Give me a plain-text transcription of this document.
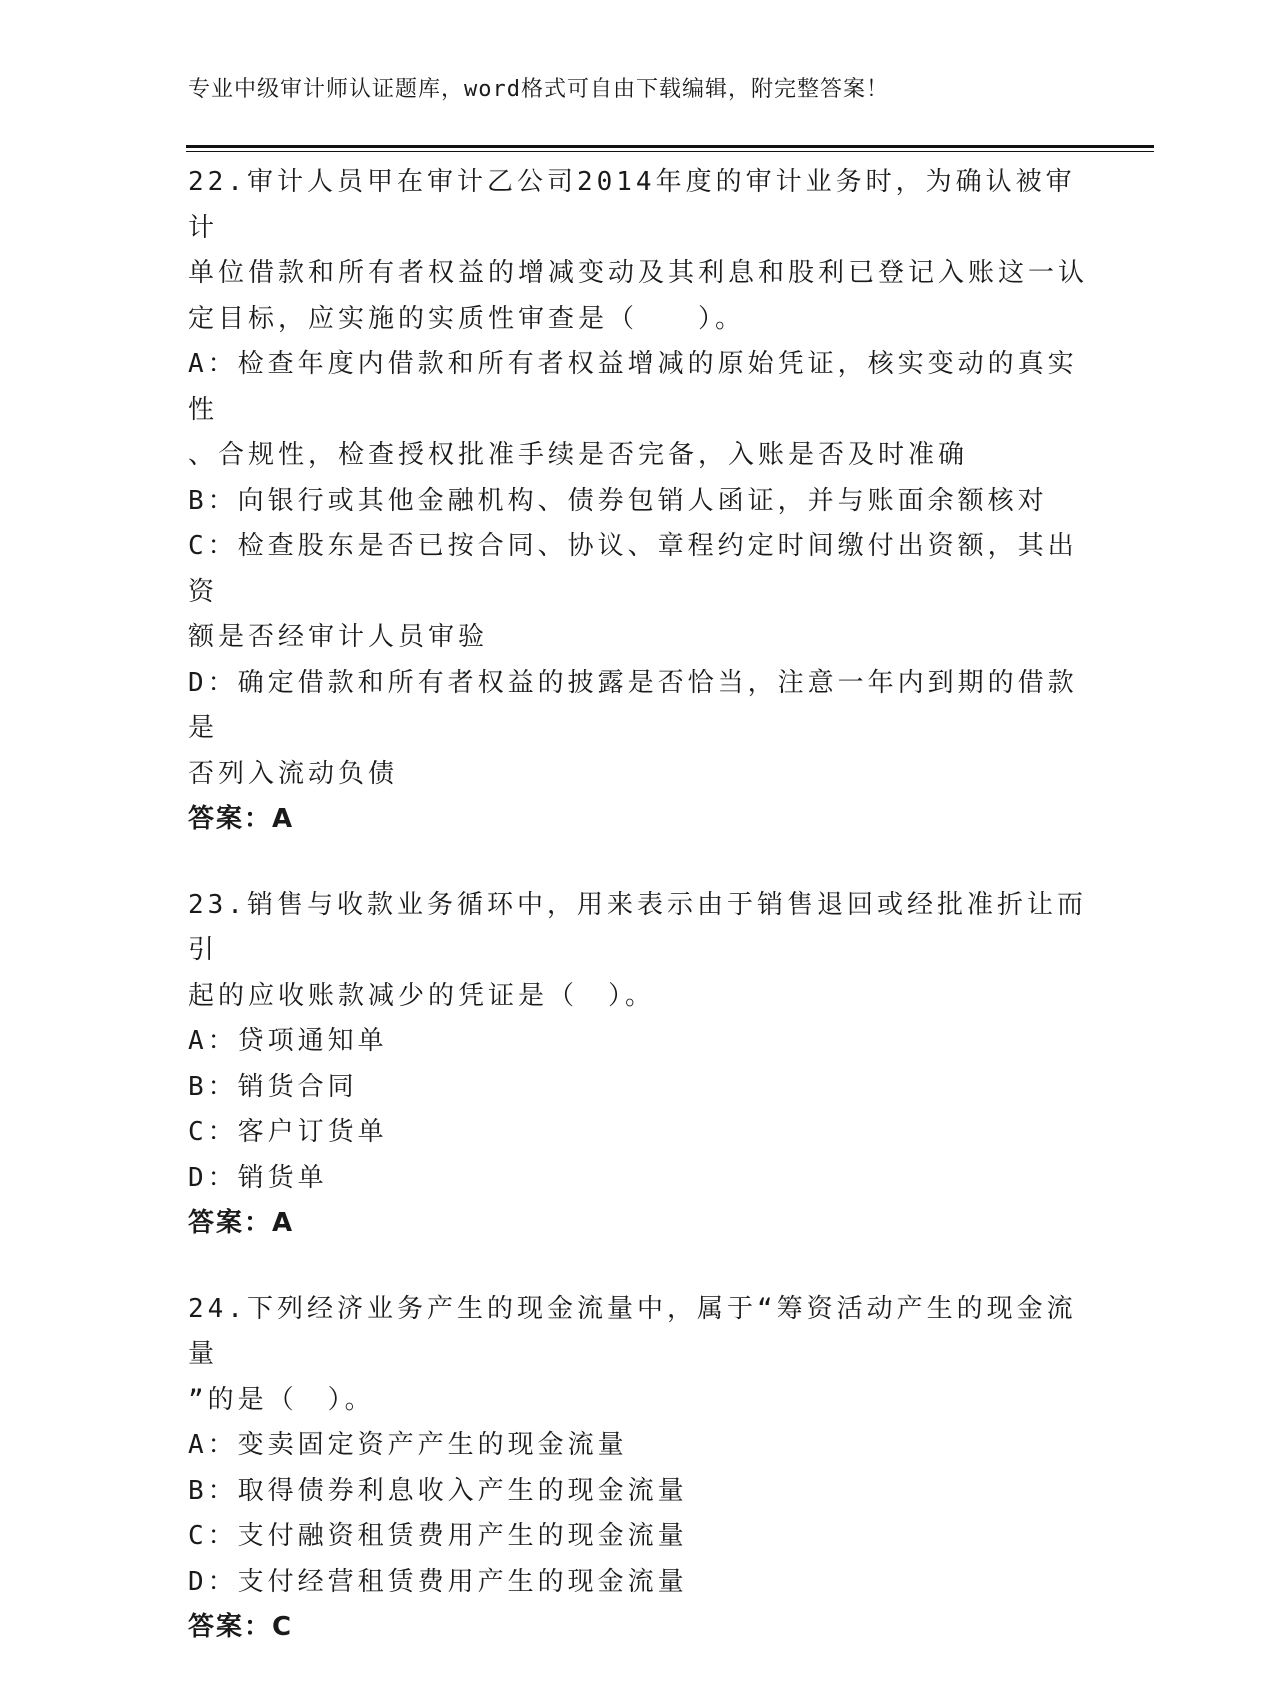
专业中级审计师认证题库，word格式可自由下载编辑，附完整答案！
22.审计人员甲在审计乙公司2014年度的审计业务时，为确认被审计
单位借款和所有者权益的增减变动及其利息和股利已登记入账这一认
定目标，应实施的实质性审查是（　　）。
A：检查年度内借款和所有者权益增减的原始凭证，核实变动的真实性
、合规性，检查授权批准手续是否完备，入账是否及时准确
B：向银行或其他金融机构、债券包销人函证，并与账面余额核对
C：检查股东是否已按合同、协议、章程约定时间缴付出资额，其出资
额是否经审计人员审验
D：确定借款和所有者权益的披露是否恰当，注意一年内到期的借款是
否列入流动负债
答案：A
23.销售与收款业务循环中，用来表示由于销售退回或经批准折让而引
起的应收账款减少的凭证是（　）。
A：贷项通知单
B：销货合同
C：客户订货单
D：销货单
答案：A
24.下列经济业务产生的现金流量中，属于“筹资活动产生的现金流量
”的是（　）。
A：变卖固定资产产生的现金流量
B：取得债券利息收入产生的现金流量
C：支付融资租赁费用产生的现金流量
D：支付经营租赁费用产生的现金流量
答案：C
